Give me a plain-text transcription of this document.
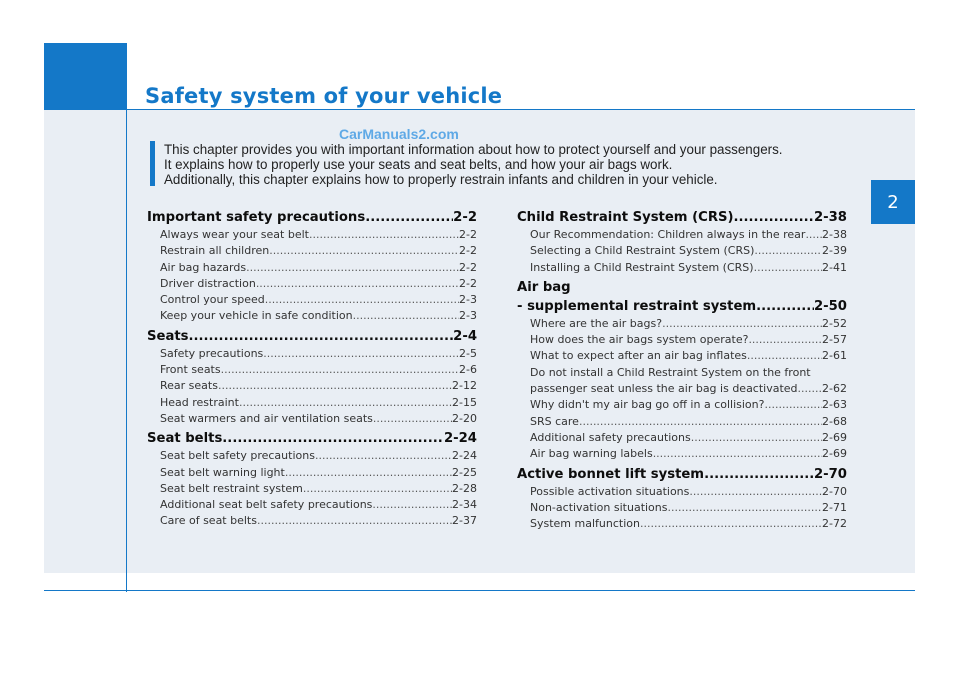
Safety system of your vehicle
2
CarManuals2.com
This chapter provides you with important information about how to protect yourself and your passengers.
It explains how to properly use your seats and seat belts, and how your air bags work.
Additionally, this chapter explains how to properly restrain infants and children in your vehicle.
Important safety precautions .....	2-2
Always wear your seat belt .....	2-2
Restrain all children .....	2-2
Air bag hazards .....	2-2
Driver distraction .....	2-2
Control your speed .....	2-3
Keep your vehicle in safe condition .....	2-3
Seats .....	2-4
Safety precautions .....	2-5
Front seats .....	2-6
Rear seats .....	2-12
Head restraint .....	2-15
Seat warmers and air ventilation seats .....	2-20
Seat belts .....	2-24
Seat belt safety precautions .....	2-24
Seat belt warning light .....	2-25
Seat belt restraint system .....	2-28
Additional seat belt safety precautions .....	2-34
Care of seat belts .....	2-37
Child Restraint System (CRS) .....	2-38
Our Recommendation: Children always in the rear ..... 2-38
Selecting a Child Restraint System (CRS) .....	2-39
Installing a Child Restraint System (CRS) .....	2-41
Air bag
- supplemental restraint system .....	2-50
Where are the air bags? .....	2-52
How does the air bags system operate? .....	2-57
What to expect after an air bag inflates .....	2-61
Do not install a Child Restraint System on the front
passenger seat unless the air bag is deactivated ..... 2-62
Why didn't my air bag go off in a collision? .....	2-63
SRS care .....	2-68
Additional safety precautions .....	2-69
Air bag warning labels .....	2-69
Active bonnet lift system .....	2-70
Possible activation situations .....	2-70
Non-activation situations .....	2-71
System malfunction .....	2-72
